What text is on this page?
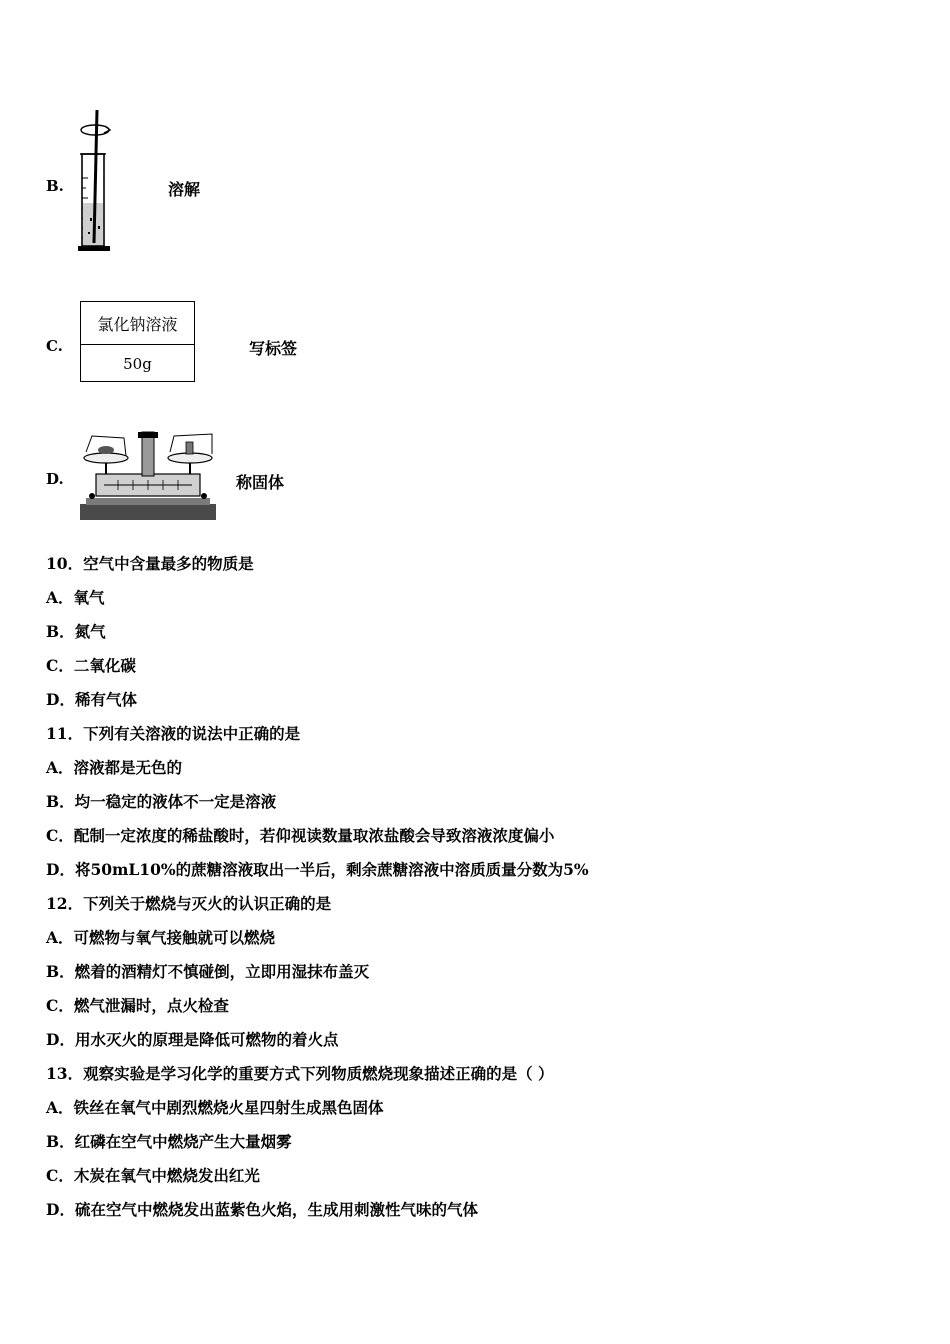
B.	溶解
C.
氯化钠溶液
50g
写标签
D.	称固体
10．空气中含量最多的物质是
A．氧气
B．氮气
C．二氧化碳
D．稀有气体
11．下列有关溶液的说法中正确的是
A．溶液都是无色的
B．均一稳定的液体不一定是溶液
C．配制一定浓度的稀盐酸时，若仰视读数量取浓盐酸会导致溶液浓度偏小
D．将50mL10%的蔗糖溶液取出一半后，剩余蔗糖溶液中溶质质量分数为5%
12．下列关于燃烧与灭火的认识正确的是
A．可燃物与氧气接触就可以燃烧
B．燃着的酒精灯不慎碰倒，立即用湿抹布盖灭
C．燃气泄漏时，点火检查
D．用水灭火的原理是降低可燃物的着火点
13．观察实验是学习化学的重要方式下列物质燃烧现象描述正确的是（ ）
A．铁丝在氧气中剧烈燃烧火星四射生成黑色固体
B．红磷在空气中燃烧产生大量烟雾
C．木炭在氧气中燃烧发出红光
D．硫在空气中燃烧发出蓝紫色火焰，生成用刺激性气味的气体
